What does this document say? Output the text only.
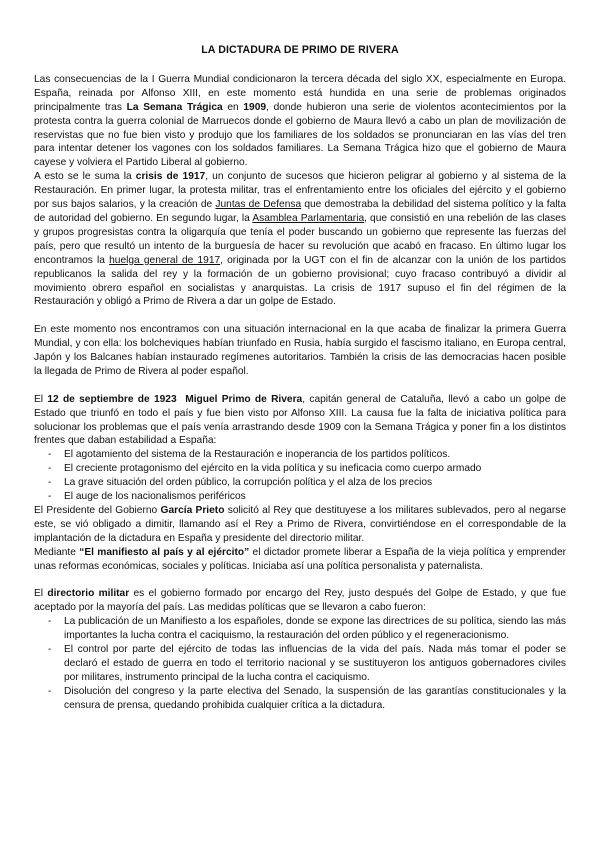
LA DICTADURA DE PRIMO DE RIVERA

Las consecuencias de la I Guerra Mundial condicionaron la tercera década del siglo XX, especialmente en Europa. España, reinada por Alfonso XIII, en este momento está hundida en una serie de problemas originados principalmente tras La Semana Trágica en 1909, donde hubieron una serie de violentos acontecimientos por la protesta contra la guerra colonial de Marruecos donde el gobierno de Maura llevó a cabo un plan de movilización de reservistas que no fue bien visto y produjo que los familiares de los soldados se pronunciaran en las vías del tren para intentar detener los vagones con los soldados familiares. La Semana Trágica hizo que el gobierno de Maura cayese y volviera el Partido Liberal al gobierno.

A esto se le suma la crisis de 1917, un conjunto de sucesos que hicieron peligrar al gobierno y al sistema de la Restauración. En primer lugar, la protesta militar, tras el enfrentamiento entre los oficiales del ejército y el gobierno por sus bajos salarios, y la creación de Juntas de Defensa que demostraba la debilidad del sistema político y la falta de autoridad del gobierno. En segundo lugar, la Asamblea Parlamentaria, que consistió en una rebelión de las clases y grupos progresistas contra la oligarquía que tenía el poder buscando un gobierno que represente las fuerzas del país, pero que resultó un intento de la burguesía de hacer su revolución que acabó en fracaso. En último lugar los encontramos la huelga general de 1917, originada por la UGT con el fin de alcanzar con la unión de los partidos republicanos la salida del rey y la formación de un gobierno provisional; cuyo fracaso contribuyó a dividir al movimiento obrero español en socialistas y anarquistas. La crisis de 1917 supuso el fin del régimen de la Restauración y obligó a Primo de Rivera a dar un golpe de Estado.

En este momento nos encontramos con una situación internacional en la que acaba de finalizar la primera Guerra Mundial, y con ella: los bolcheviques habían triunfado en Rusia, había surgido el fascismo italiano, en Europa central, Japón y los Balcanes habían instaurado regímenes autoritarios. También la crisis de las democracias hacen posible la llegada de Primo de Rivera al poder español.

El 12 de septiembre de 1923 Miguel Primo de Rivera, capitán general de Cataluña, llevó a cabo un golpe de Estado que triunfó en todo el país y fue bien visto por Alfonso XIII. La causa fue la falta de iniciativa política para solucionar los problemas que el país venía arrastrando desde 1909 con la Semana Trágica y poner fin a los distintos frentes que daban estabilidad a España:

- El agotamiento del sistema de la Restauración e inoperancia de los partidos políticos.
- El creciente protagonismo del ejército en la vida política y su ineficacia como cuerpo armado
- La grave situación del orden público, la corrupción política y el alza de los precios
- El auge de los nacionalismos periféricos

El Presidente del Gobierno García Prieto solicitó al Rey que destituyese a los militares sublevados, pero al negarse este, se vió obligado a dimitir, llamando así el Rey a Primo de Rivera, convirtiéndose en el correspondable de la implantación de la dictadura en España y presidente del directorio militar.

Mediante “El manifiesto al país y al ejército” el dictador promete liberar a España de la vieja política y emprender unas reformas económicas, sociales y políticas. Iniciaba así una política personalista y paternalista.

El directorio militar es el gobierno formado por encargo del Rey, justo después del Golpe de Estado, y que fue aceptado por la mayoría del país. Las medidas políticas que se llevaron a cabo fueron:

- La publicación de un Manifiesto a los españoles, donde se expone las directrices de su política, siendo las más importantes la lucha contra el caciquismo, la restauración del orden público y el regeneracionismo.
- El control por parte del ejército de todas las influencias de la vida del país. Nada más tomar el poder se declaró el estado de guerra en todo el territorio nacional y se sustituyeron los antiguos gobernadores civiles por militares, instrumento principal de la lucha contra el caciquismo.
- Disolución del congreso y la parte electiva del Senado, la suspensión de las garantías constitucionales y la censura de prensa, quedando prohibida cualquier crítica a la dictadura.
